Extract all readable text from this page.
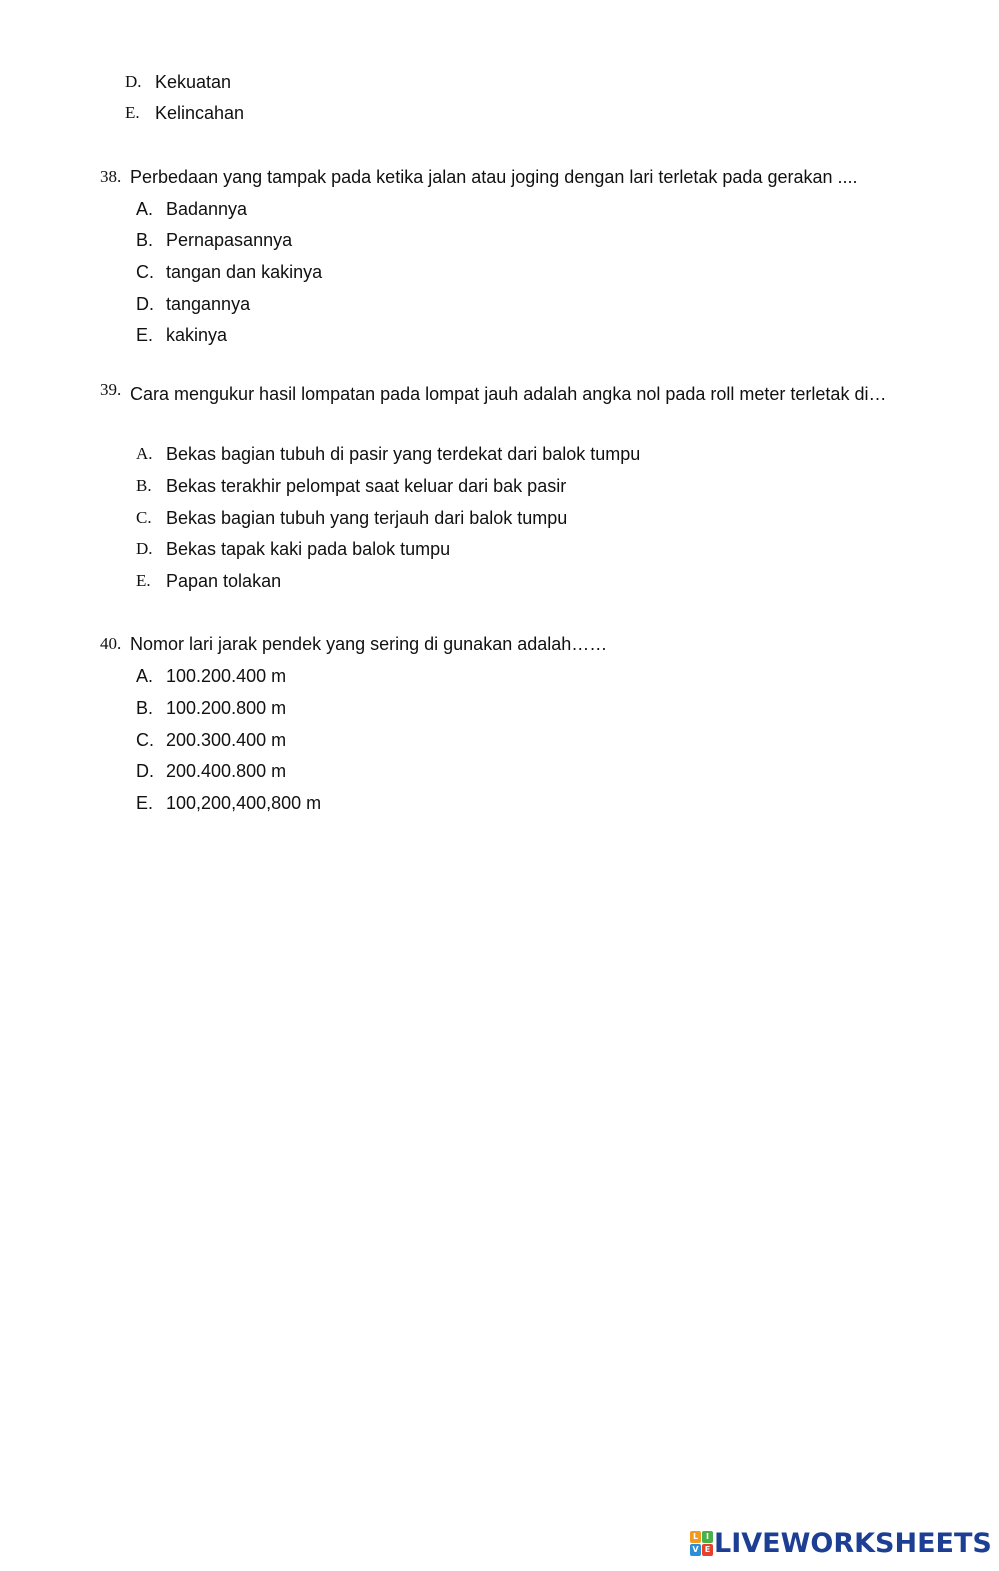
D. Kekuatan
E. Kelincahan
38. Perbedaan yang tampak pada ketika jalan atau joging dengan lari terletak pada gerakan ....
A. Badannya
B. Pernapasannya
C. tangan dan kakinya
D. tangannya
E. kakinya
39. Cara mengukur hasil lompatan pada lompat jauh adalah angka nol pada roll meter terletak di…
A. Bekas bagian tubuh di pasir yang terdekat dari balok tumpu
B. Bekas terakhir pelompat saat keluar dari bak pasir
C. Bekas bagian tubuh yang terjauh dari balok tumpu
D. Bekas tapak kaki pada balok tumpu
E. Papan tolakan
40. Nomor lari jarak pendek yang sering di gunakan adalah……
A. 100.200.400 m
B. 100.200.800 m
C. 200.300.400 m
D. 200.400.800 m
E. 100,200,400,800 m
L I
V E LIVEWORKSHEETS
